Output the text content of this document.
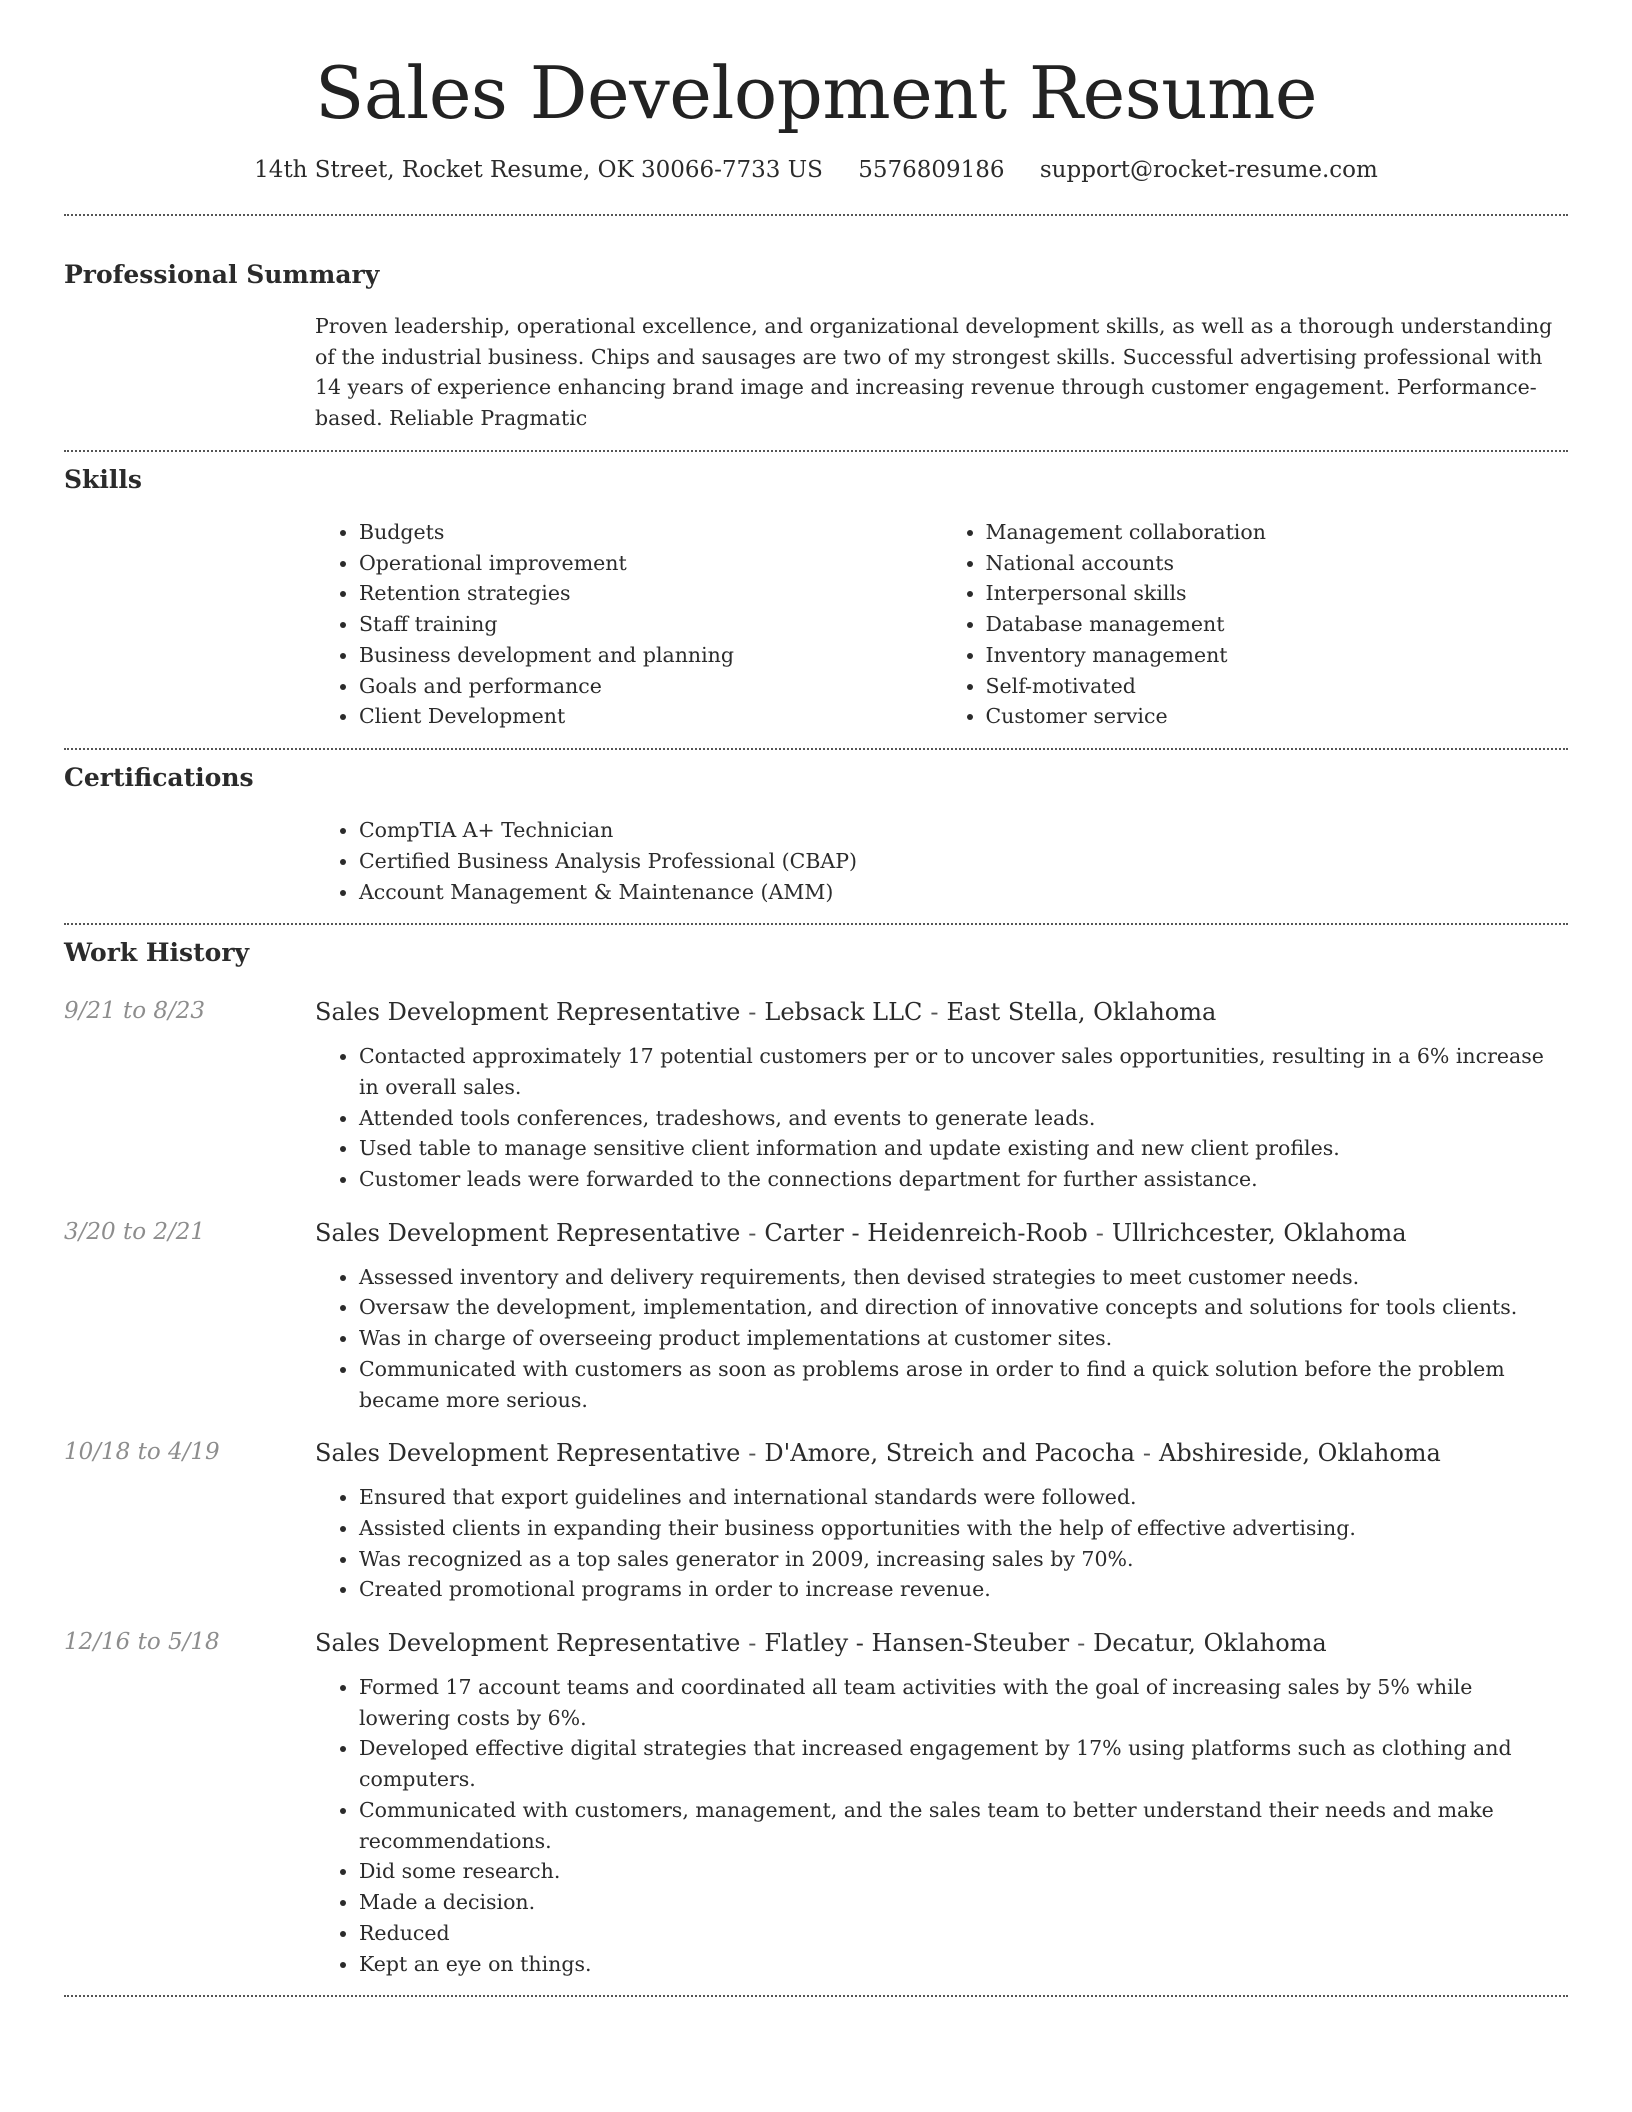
Sales Development Resume
14th Street, Rocket Resume, OK 30066-7733 US 5576809186 support@rocket-resume.com
Professional Summary

Proven leadership, operational excellence, and organizational development skills, as well as a thorough understanding of the industrial business. Chips and sausages are two of my strongest skills. Successful advertising professional with 14 years of experience enhancing brand image and increasing revenue through customer engagement. Performance-based. Reliable Pragmatic

Skills
• Budgets
• Operational improvement
• Retention strategies
• Staff training
• Business development and planning
• Goals and performance
• Client Development
• Management collaboration
• National accounts
• Interpersonal skills
• Database management
• Inventory management
• Self-motivated
• Customer service
Certifications
• CompTIA A+ Technician
• Certified Business Analysis Professional (CBAP)
• Account Management & Maintenance (AMM)
Work History
9/21 to 8/23	Sales Development Representative - Lebsack LLC - East Stella, Oklahoma
• Contacted approximately 17 potential customers per or to uncover sales opportunities, resulting in a 6% increase in overall sales.
• Attended tools conferences, tradeshows, and events to generate leads.
• Used table to manage sensitive client information and update existing and new client profiles.
• Customer leads were forwarded to the connections department for further assistance.
3/20 to 2/21	Sales Development Representative - Carter - Heidenreich-Roob - Ullrichcester, Oklahoma
• Assessed inventory and delivery requirements, then devised strategies to meet customer needs.
• Oversaw the development, implementation, and direction of innovative concepts and solutions for tools clients.
• Was in charge of overseeing product implementations at customer sites.
• Communicated with customers as soon as problems arose in order to find a quick solution before the problem became more serious.
10/18 to 4/19	Sales Development Representative - D'Amore, Streich and Pacocha - Abshireside, Oklahoma
• Ensured that export guidelines and international standards were followed.
• Assisted clients in expanding their business opportunities with the help of effective advertising.
• Was recognized as a top sales generator in 2009, increasing sales by 70%.
• Created promotional programs in order to increase revenue.
12/16 to 5/18	Sales Development Representative - Flatley - Hansen-Steuber - Decatur, Oklahoma
• Formed 17 account teams and coordinated all team activities with the goal of increasing sales by 5% while lowering costs by 6%.
• Developed effective digital strategies that increased engagement by 17% using platforms such as clothing and computers.
• Communicated with customers, management, and the sales team to better understand their needs and make recommendations.
• Did some research.
• Made a decision.
• Reduced
• Kept an eye on things.
